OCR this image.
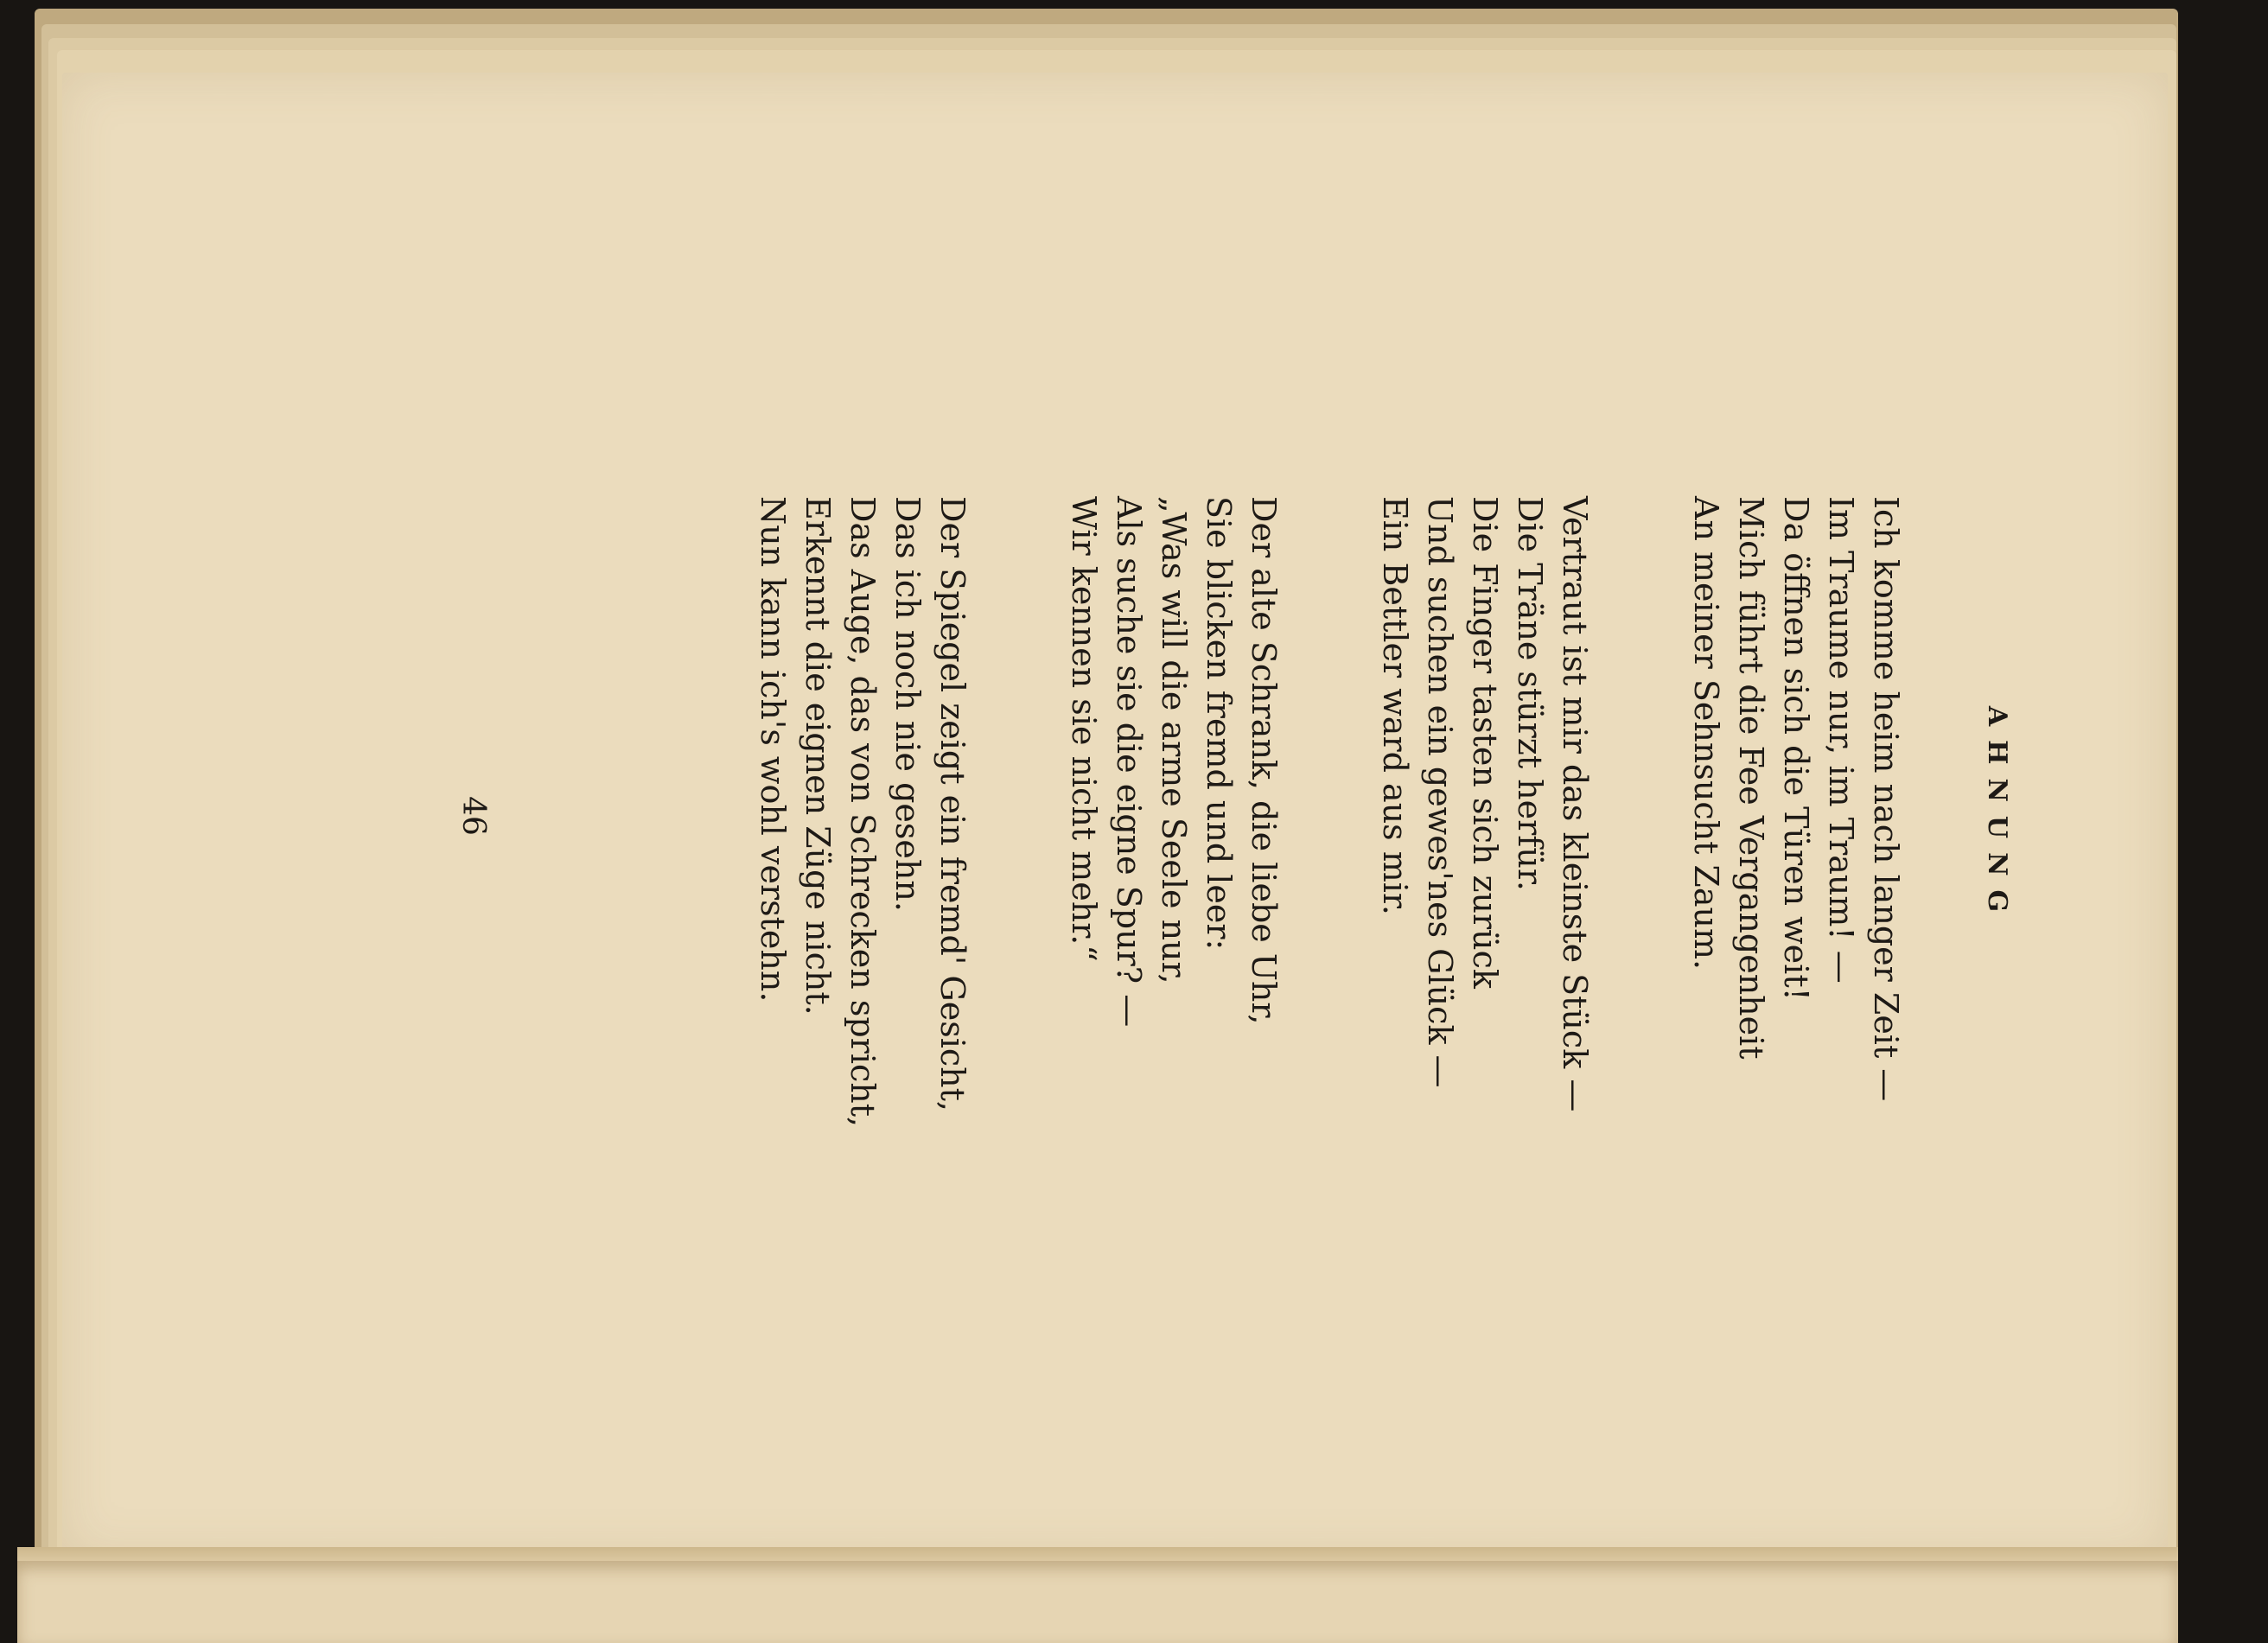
AHNUNG
Ich komme heim nach langer Zeit —
Im Traume nur, im Traum! —
Da öffnen sich die Türen weit!
Mich führt die Fee Vergangenheit
An meiner Sehnsucht Zaum.
Vertraut ist mir das kleinste Stück —
Die Träne stürzt herfür.
Die Finger tasten sich zurück
Und suchen ein gewes'nes Glück —
Ein Bettler ward aus mir.
Der alte Schrank, die liebe Uhr,
Sie blicken fremd und leer:
„Was will die arme Seele nur,
Als suche sie die eigne Spur? —
Wir kennen sie nicht mehr.“
Der Spiegel zeigt ein fremd' Gesicht,
Das ich noch nie gesehn.
Das Auge, das von Schrecken spricht,
Erkennt die eignen Züge nicht.
Nun kann ich's wohl verstehn.

46
